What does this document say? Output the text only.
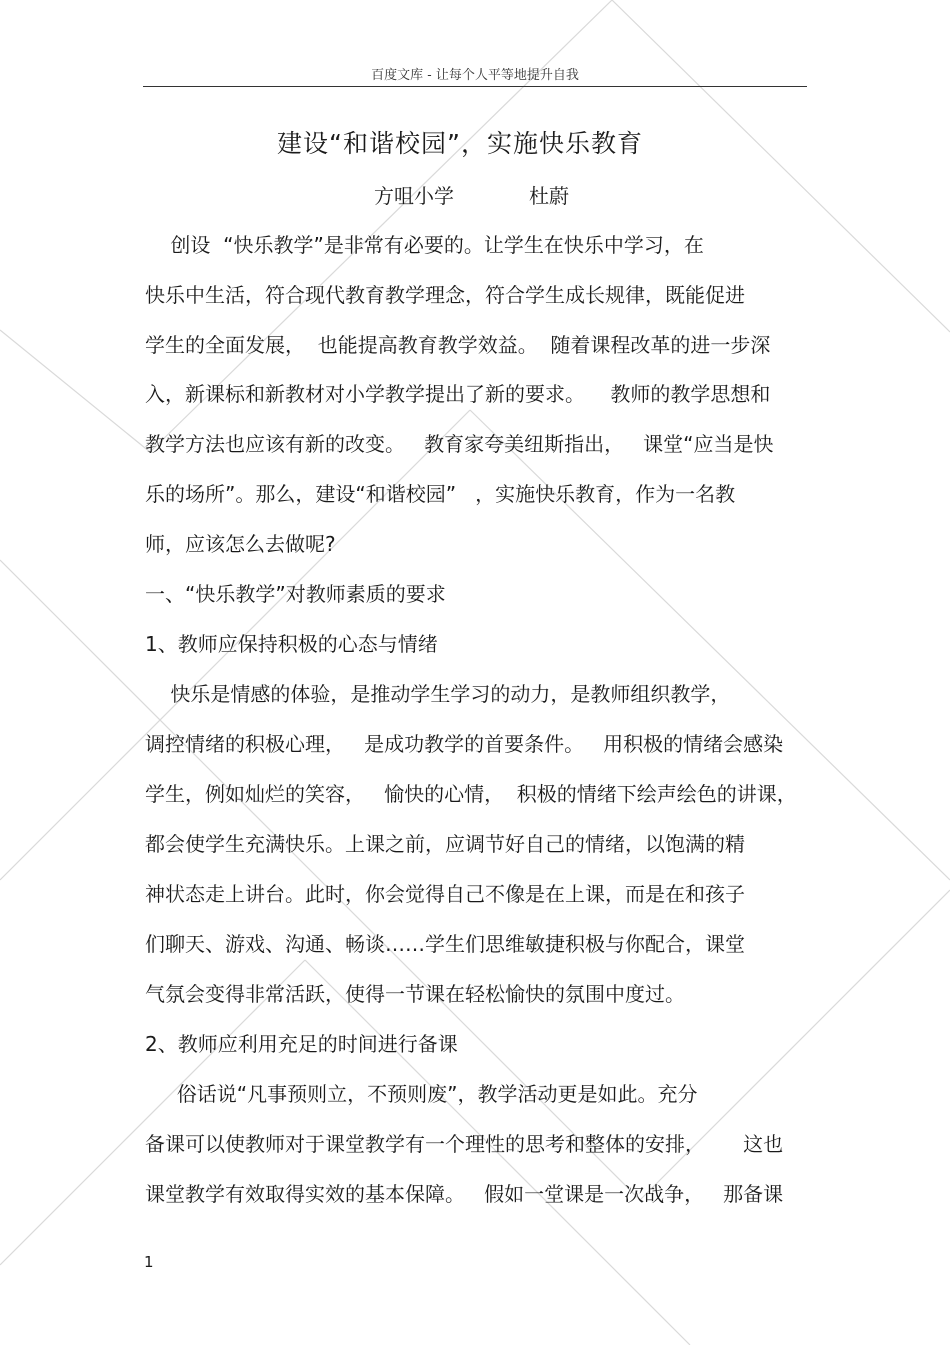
百度文库 - 让每个人平等地提升自我
建设“和谐校园”，实施快乐教育
方咀小学	杜蔚
创设  “快乐教学”是非常有必要的。让学生在快乐中学习，在
快乐中生活，符合现代教育教学理念，符合学生成长规律，既能促进
学生的全面发展，  也能提高教育教学效益。  随着课程改革的进一步深
入，新课标和新教材对小学教学提出了新的要求。    教师的教学思想和
教学方法也应该有新的改变。   教育家夸美纽斯指出，   课堂“应当是快
乐的场所”。那么，建设“和谐校园”   ，实施快乐教育，作为一名教
师，应该怎么去做呢?
一、“快乐教学”对教师素质的要求
1、教师应保持积极的心态与情绪
快乐是情感的体验，是推动学生学习的动力，是教师组织教学，
调控情绪的积极心理，   是成功教学的首要条件。   用积极的情绪会感染
学生，例如灿烂的笑容，   愉快的心情，  积极的情绪下绘声绘色的讲课，
都会使学生充满快乐。上课之前，应调节好自己的情绪，以饱满的精
神状态走上讲台。此时，你会觉得自己不像是在上课，而是在和孩子
们聊天、游戏、沟通、畅谈……学生们思维敏捷积极与你配合，课堂
气氛会变得非常活跃，使得一节课在轻松愉快的氛围中度过。
2、教师应利用充足的时间进行备课
俗话说“凡事预则立，不预则废”，教学活动更是如此。充分
备课可以使教师对于课堂教学有一个理性的思考和整体的安排，      这也
课堂教学有效取得实效的基本保障。   假如一堂课是一次战争，   那备课
1
